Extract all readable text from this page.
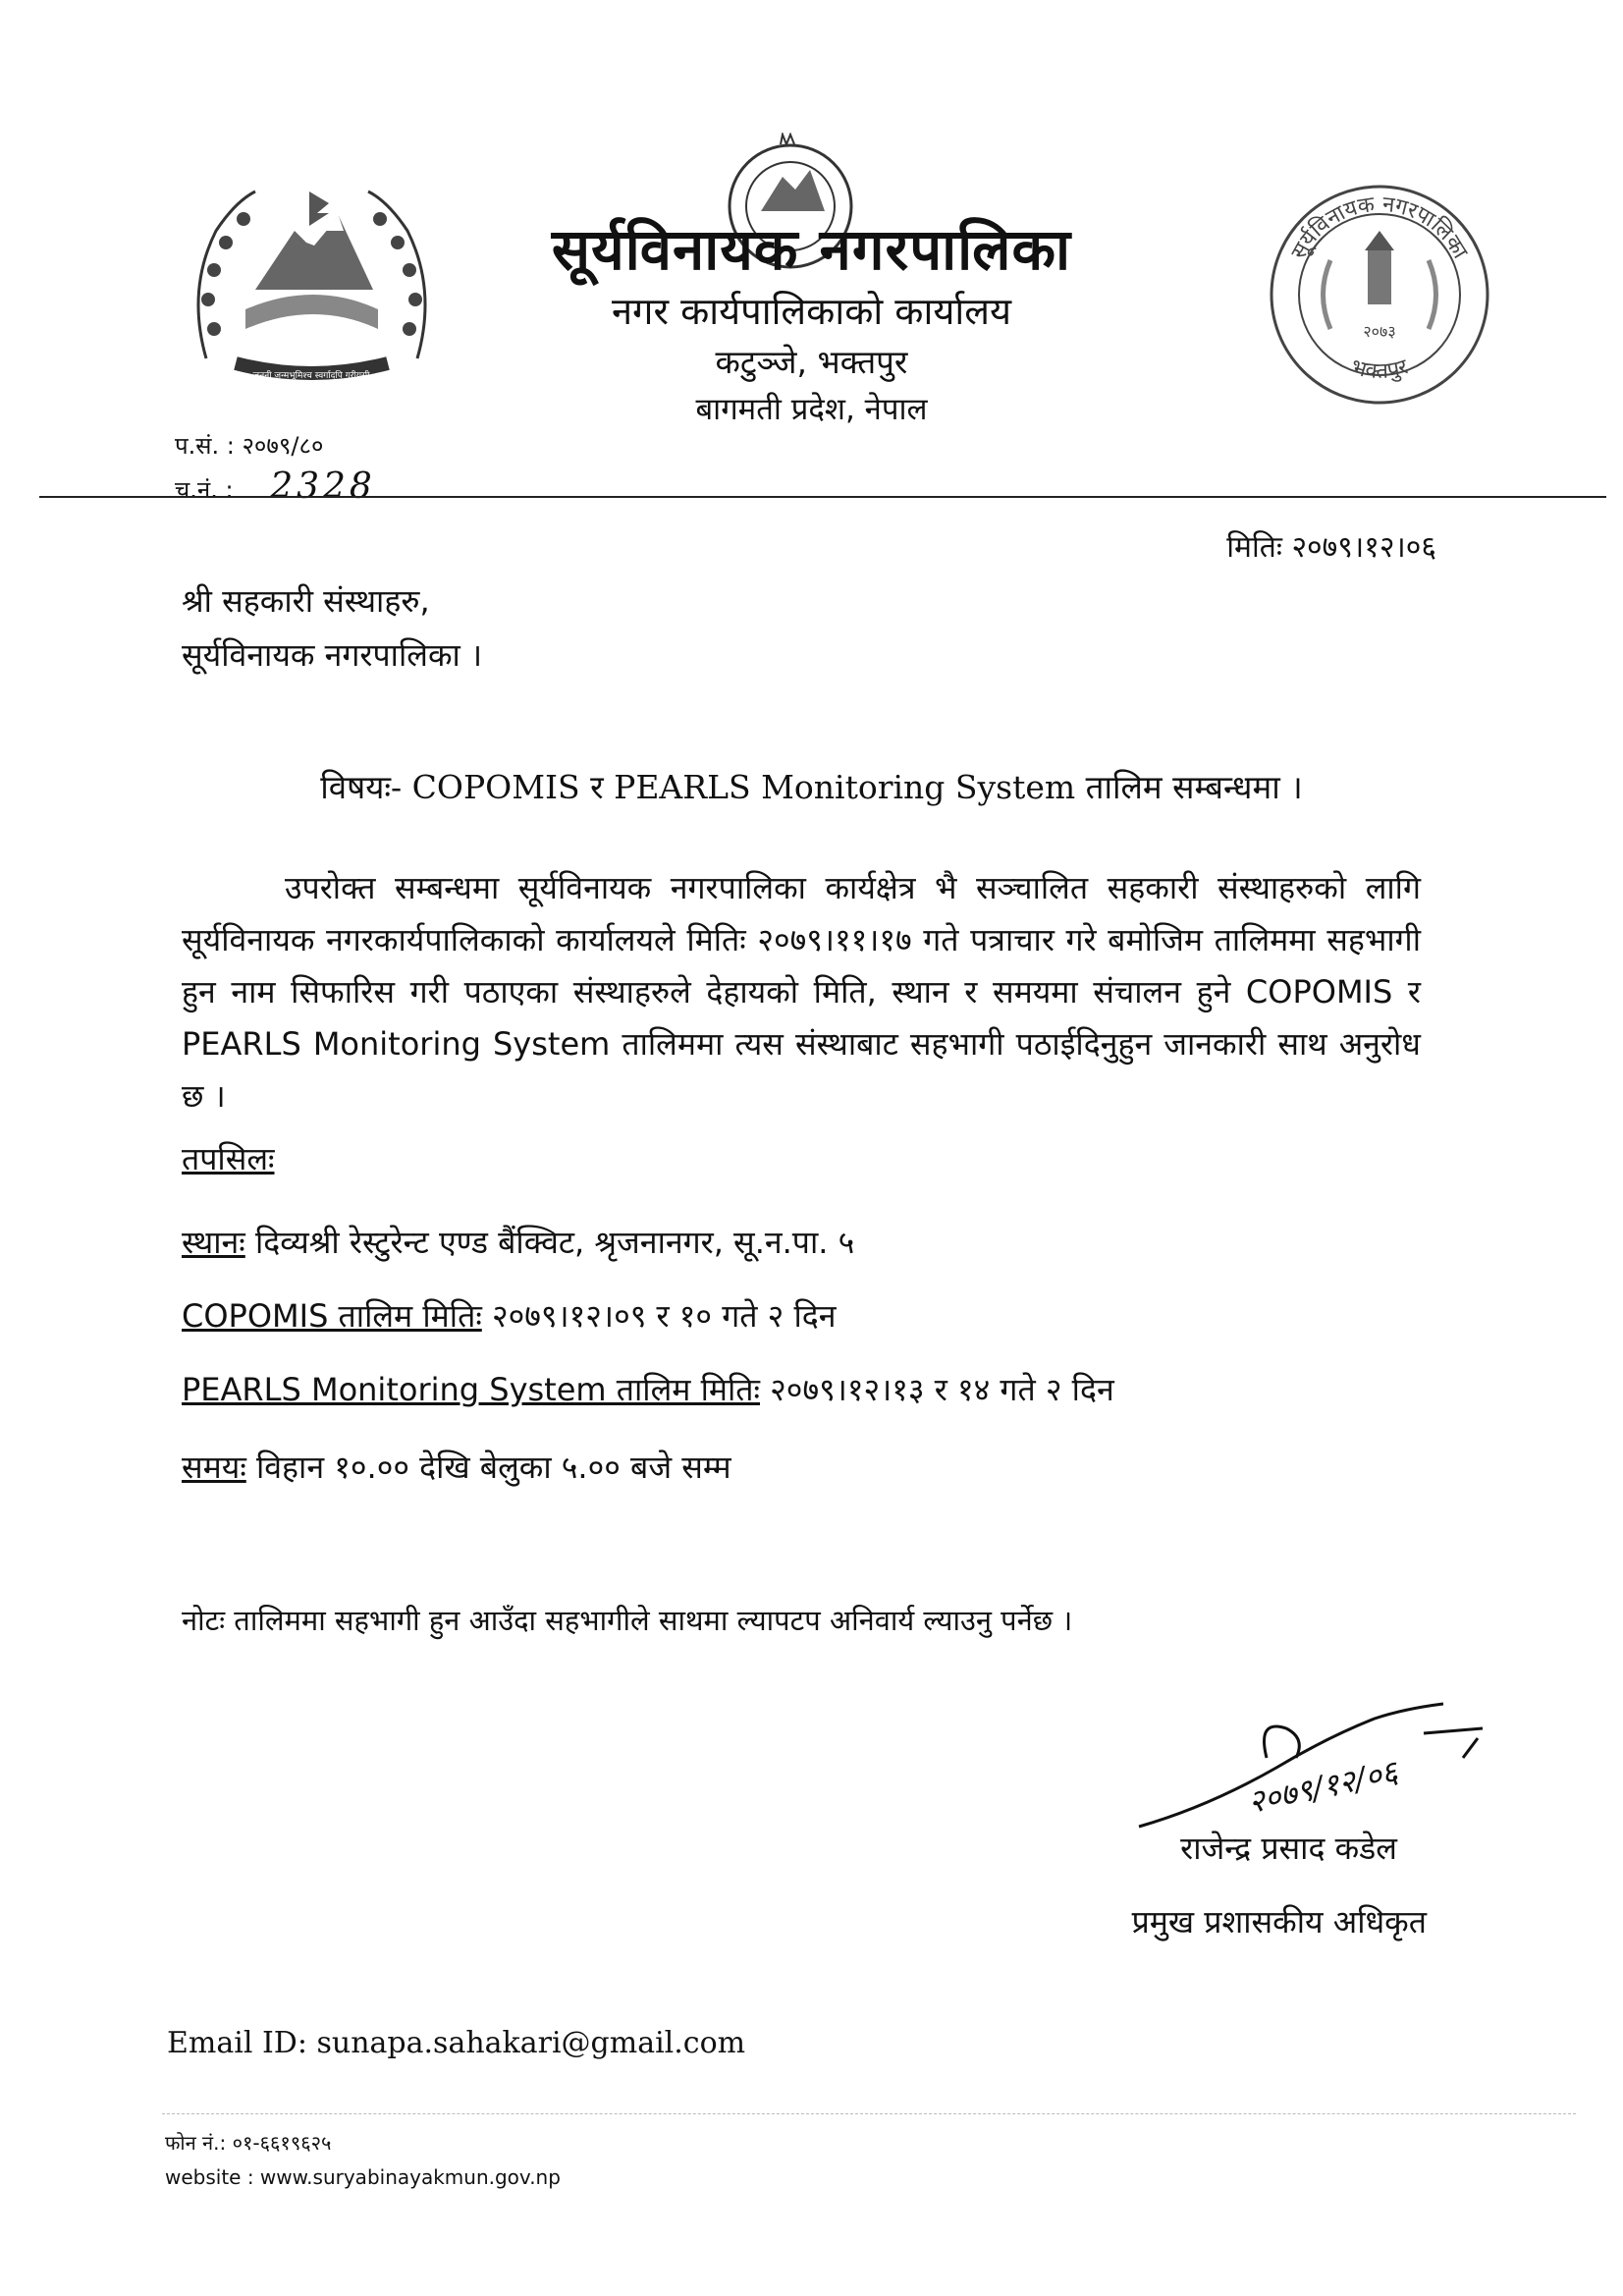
जननी जन्मभूमिश्च स्वर्गादपि गरीयसी
सूर्यविनायक नगरपालिका
भक्तपुर
२०७३
सूर्यविनायक नगरपालिका
नगर कार्यपालिकाको कार्यालय
कटुञ्जे, भक्तपुर
बागमती प्रदेश, नेपाल
प.सं. : २०७९/८०
च.नं. : 2328
मितिः २०७९।१२।०६
श्री सहकारी संस्थाहरु,
सूर्यविनायक नगरपालिका ।
विषयः- COPOMIS र PEARLS Monitoring System तालिम सम्बन्धमा ।
उपरोक्त सम्बन्धमा सूर्यविनायक नगरपालिका कार्यक्षेत्र भै सञ्चालित सहकारी संस्थाहरुको लागि सूर्यविनायक नगरकार्यपालिकाको कार्यालयले मितिः २०७९।११।१७ गते पत्राचार गरे बमोजिम तालिममा सहभागी हुन नाम सिफारिस गरी पठाएका संस्थाहरुले देहायको मिति, स्थान र समयमा संचालन हुने COPOMIS र PEARLS Monitoring System तालिममा त्यस संस्थाबाट सहभागी पठाईदिनुहुन जानकारी साथ अनुरोध छ ।
तपसिलः
स्थानः दिव्यश्री रेस्टुरेन्ट एण्ड बैंक्विट, श्रृजनानगर, सू.न.पा. ५
COPOMIS तालिम मितिः २०७९।१२।०९ र १० गते २ दिन
PEARLS Monitoring System तालिम मितिः २०७९।१२।१३ र १४ गते २ दिन
समयः विहान १०.०० देखि बेलुका ५.०० बजे सम्म
नोटः तालिममा सहभागी हुन आउँदा सहभागीले साथमा ल्यापटप अनिवार्य ल्याउनु पर्नेछ ।
२०७९/१२/०६
राजेन्द्र प्रसाद कडेल
प्रमुख प्रशासकीय अधिकृत
Email ID: sunapa.sahakari@gmail.com
फोन नं.: ०१-६६१९६२५
website : www.suryabinayakmun.gov.np
